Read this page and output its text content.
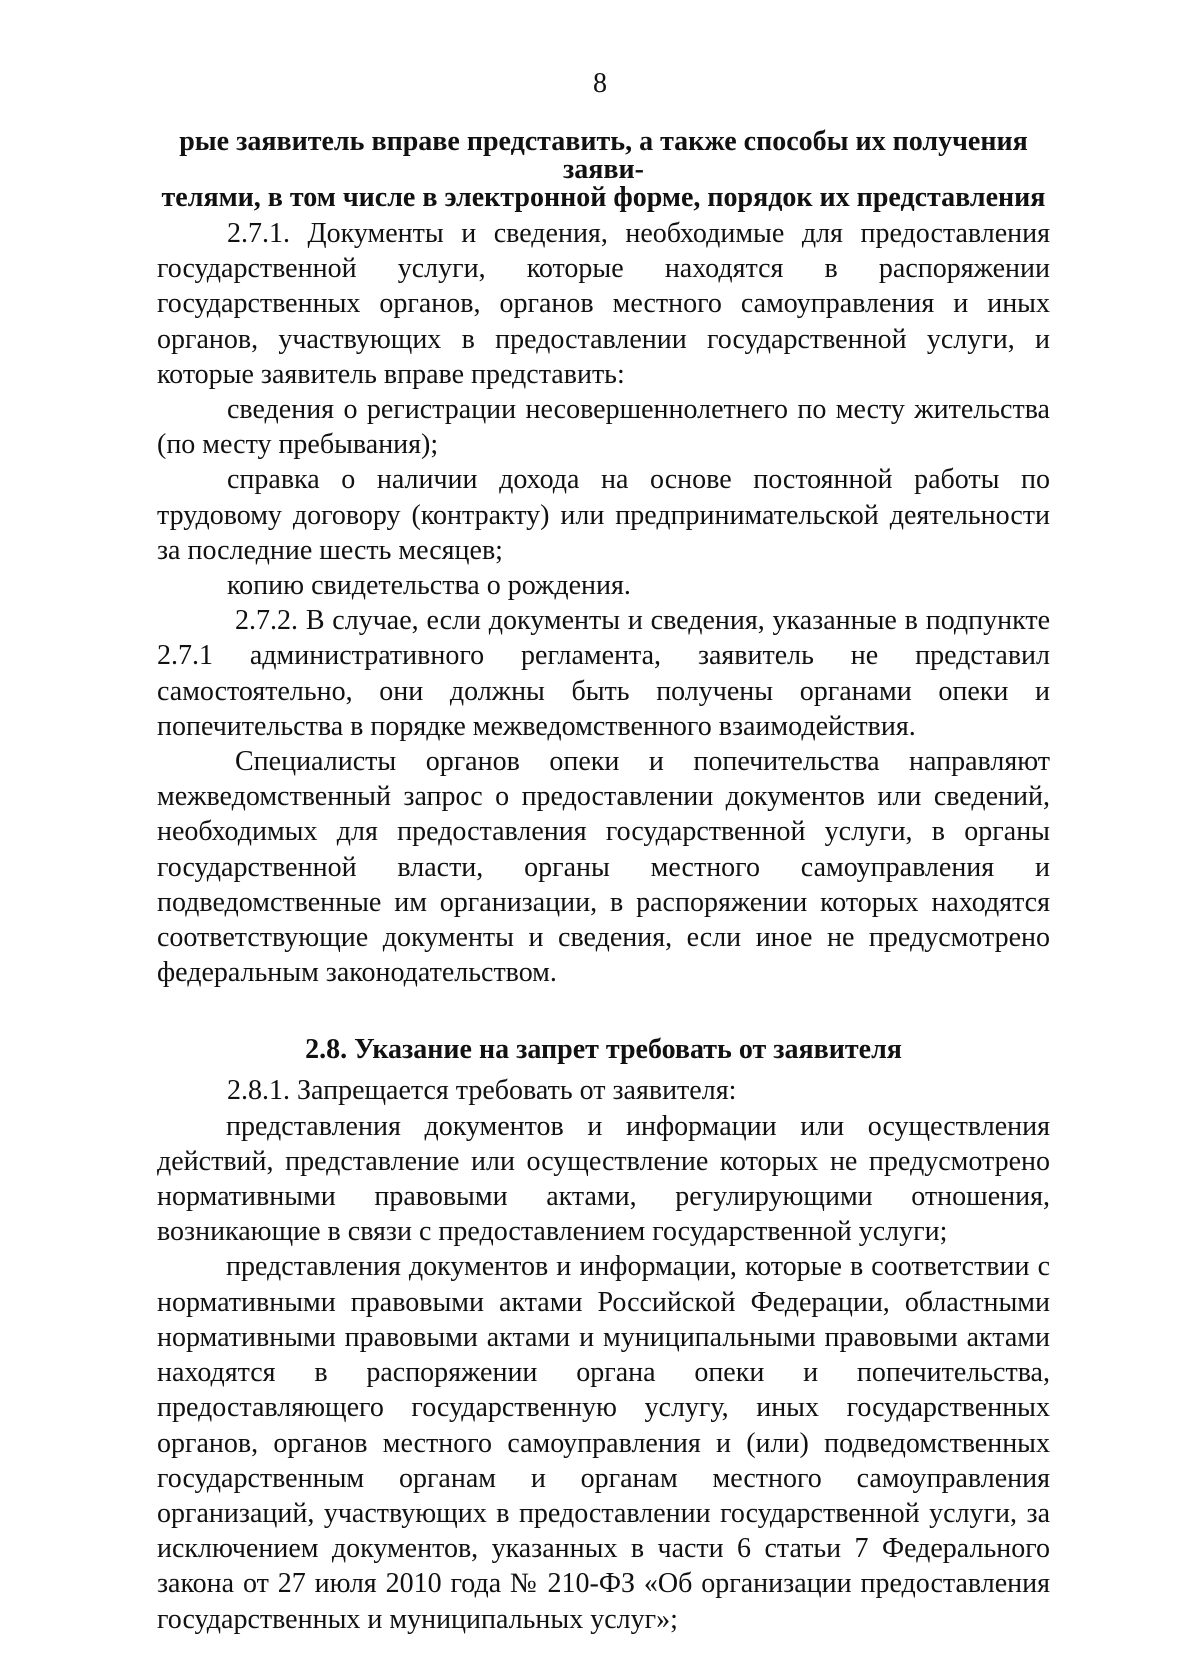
8
рые заявитель вправе представить, а также способы их получения заяви-
телями, в том числе в электронной форме, порядок их представления

2.7.1. Документы и сведения, необходимые для предоставления государственной услуги, которые находятся в распоряжении государственных органов, органов местного самоуправления и иных органов, участвующих в предоставлении государственной услуги, и которые заявитель вправе представить:

сведения о регистрации несовершеннолетнего по месту жительства (по месту пребывания);

справка о наличии дохода на основе постоянной работы по трудовому договору (контракту) или предпринимательской деятельности за последние шесть месяцев;

копию свидетельства о рождения.

2.7.2. В случае, если документы и сведения, указанные в подпункте 2.7.1 административного регламента, заявитель не представил самостоятельно, они должны быть получены органами опеки и попечительства в порядке межведомственного взаимодействия.

Специалисты органов опеки и попечительства направляют межведомственный запрос о предоставлении документов или сведений, необходимых для предоставления государственной услуги, в органы государственной власти, органы местного самоуправления и подведомственные им организации, в распоряжении которых находятся соответствующие документы и сведения, если иное не предусмотрено федеральным законодательством.

2.8. Указание на запрет требовать от заявителя

2.8.1. Запрещается требовать от заявителя:

представления документов и информации или осуществления действий, представление или осуществление которых не предусмотрено нормативными правовыми актами, регулирующими отношения, возникающие в связи с предоставлением государственной услуги;

представления документов и информации, которые в соответствии с нормативными правовыми актами Российской Федерации, областными нормативными правовыми актами и муниципальными правовыми актами находятся в распоряжении органа опеки и попечительства, предоставляющего государственную услугу, иных государственных органов, органов местного самоуправления и (или) подведомственных государственным органам и органам местного самоуправления организаций, участвующих в предоставлении государственной услуги, за исключением документов, указанных в части 6 статьи 7 Федерального закона от 27 июля 2010 года № 210-ФЗ «Об организации предоставления государственных и муниципальных услуг»;
